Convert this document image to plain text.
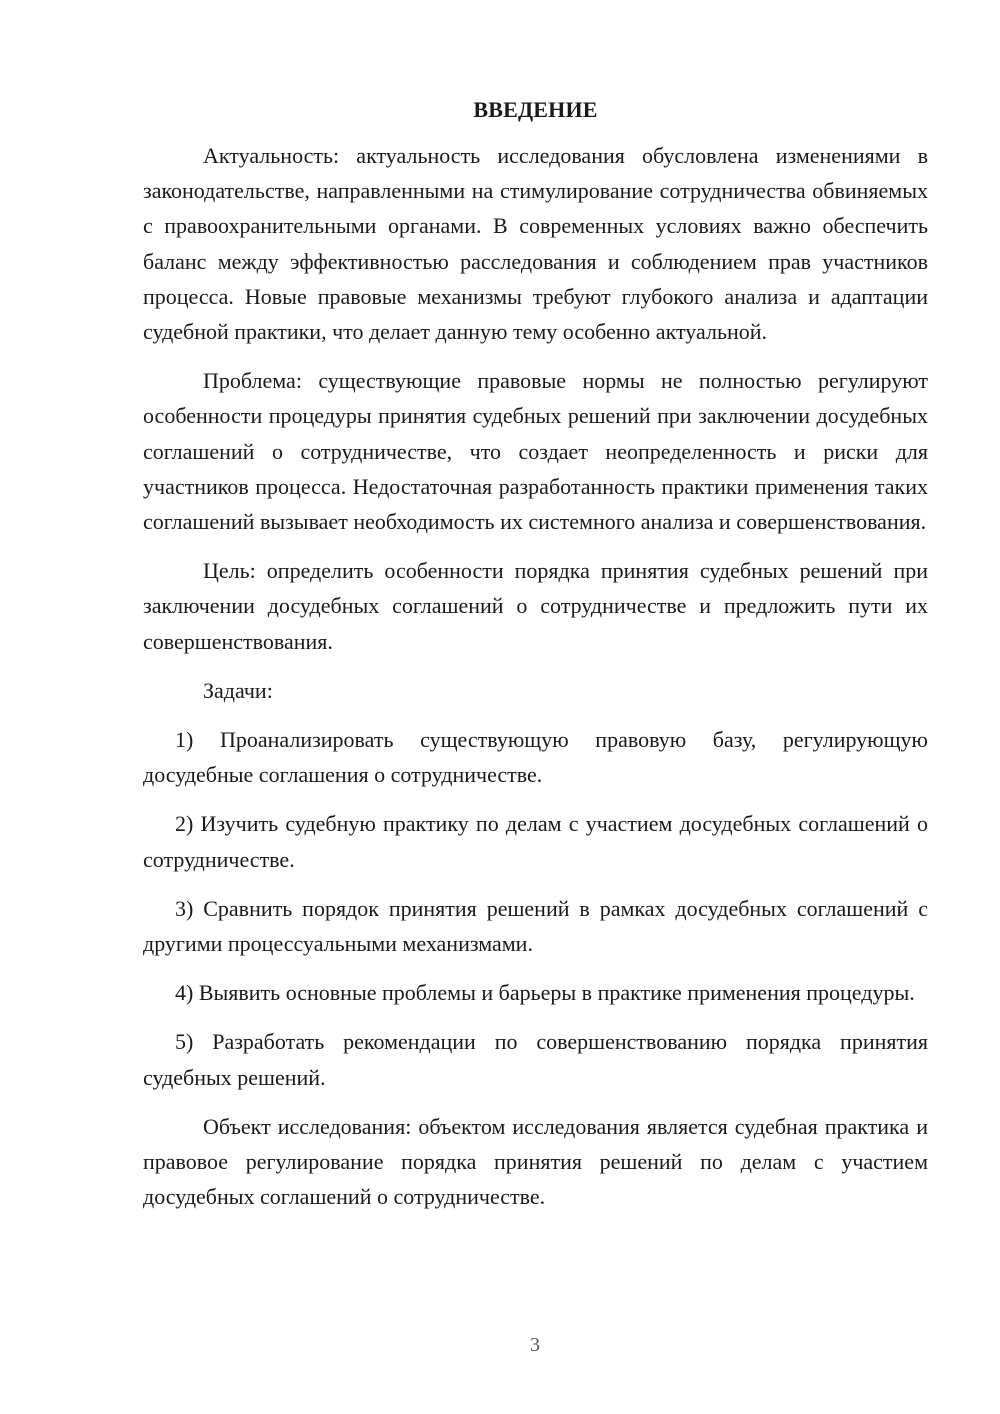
ВВЕДЕНИЕ

Актуальность: актуальность исследования обусловлена изменениями в законодательстве, направленными на стимулирование сотрудничества обвиняемых с правоохранительными органами. В современных условиях важно обеспечить баланс между эффективностью расследования и соблюдением прав участников процесса. Новые правовые механизмы требуют глубокого анализа и адаптации судебной практики, что делает данную тему особенно актуальной.

Проблема: существующие правовые нормы не полностью регулируют особенности процедуры принятия судебных решений при заключении досудебных соглашений о сотрудничестве, что создает неопределенность и риски для участников процесса. Недостаточная разработанность практики применения таких соглашений вызывает необходимость их системного анализа и совершенствования.

Цель: определить особенности порядка принятия судебных решений при заключении досудебных соглашений о сотрудничестве и предложить пути их совершенствования.

Задачи:

1) Проанализировать существующую правовую базу, регулирующую досудебные соглашения о сотрудничестве.

2) Изучить судебную практику по делам с участием досудебных соглашений о сотрудничестве.

3) Сравнить порядок принятия решений в рамках досудебных соглашений с другими процессуальными механизмами.

4) Выявить основные проблемы и барьеры в практике применения процедуры.

5) Разработать рекомендации по совершенствованию порядка принятия судебных решений.

Объект исследования: объектом исследования является судебная практика и правовое регулирование порядка принятия решений по делам с участием досудебных соглашений о сотрудничестве.

3
